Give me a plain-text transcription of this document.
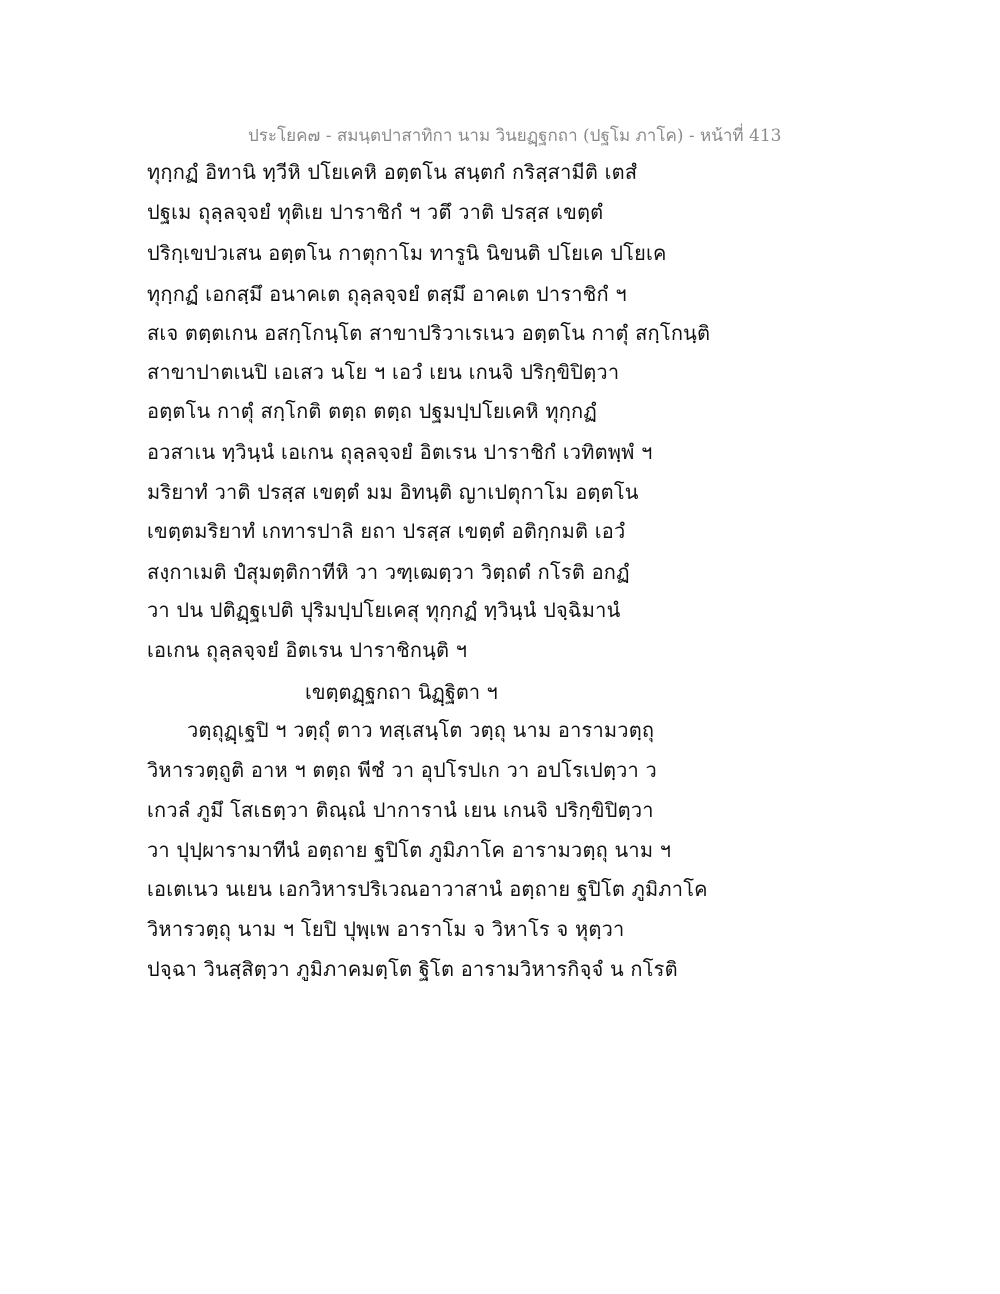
ประโยค๗ - สมนฺตปาสาทิกา นาม วินยฏฺฐกถา (ปฐโม ภาโค) - หน้าที่ 413
ทุกฺกฏํ อิทานิ ทฺวีหิ ปโยเคหิ อตฺตโน สนฺตกํ กริสฺสามีติ เตสํ
ปฐเม ถุลฺลจฺจยํ ทุติเย ปาราชิกํ ฯ วตึ วาติ ปรสฺส เขตฺตํ
ปริกฺเขปวเสน อตฺตโน กาตุกาโม ทารูนิ นิขนติ ปโยเค ปโยเค
ทุกฺกฏํ เอกสฺมึ อนาคเต ถุลฺลจฺจยํ ตสฺมึ อาคเต ปาราชิกํ ฯ
สเจ ตตฺตเกน อสกฺโกนฺโต สาขาปริวาเรเนว อตฺตโน กาตุํ สกฺโกนฺติ
สาขาปาตเนปิ เอเสว นโย ฯ เอวํ เยน เกนจิ ปริกฺขิปิตฺวา
อตฺตโน กาตุํ สกฺโกติ ตตฺถ ตตฺถ ปฐมปฺปโยเคหิ ทุกฺกฏํ
อวสาเน ทฺวินฺนํ เอเกน ถุลฺลจฺจยํ อิตเรน ปาราชิกํ เวทิตพฺพํ ฯ
มริยาทํ วาติ ปรสฺส เขตฺตํ มม อิทนฺติ ญาเปตุกาโม อตฺตโน
เขตฺตมริยาทํ เกทารปาลิ ยถา ปรสฺส เขตฺตํ อติกฺกมติ เอวํ
สงฺกาเมติ ปํสุมตฺติกาทีหิ วา วฑฺเฒตฺวา วิตฺถตํ กโรติ อกฏํ
วา ปน ปติฏฺฐเปติ ปุริมปฺปโยเคสุ ทุกฺกฏํ ทฺวินฺนํ ปจฺฉิมานํ
เอเกน ถุลฺลจฺจยํ อิตเรน ปาราชิกนฺติ ฯ
เขตฺตฏฺฐกถา นิฏฺฐิตา ฯ
วตฺถุฏฺเฐปิ ฯ วตฺถุํ ตาว ทสฺเสนฺโต วตฺถุ นาม อารามวตฺถุ
วิหารวตฺถูติ อาห ฯ ตตฺถ พีชํ วา อุปโรปเก วา อปโรเปตฺวา ว
เกวลํ ภูมึ โสเธตฺวา ติณฺณํ ปาการานํ เยน เกนจิ ปริกฺขิปิตฺวา
วา ปุปฺผารามาทีนํ อตฺถาย ฐปิโต ภูมิภาโค อารามวตฺถุ นาม ฯ
เอเตเนว นเยน เอกวิหารปริเวณอาวาสานํ อตฺถาย ฐปิโต ภูมิภาโค
วิหารวตฺถุ นาม ฯ โยปิ ปุพฺเพ อาราโม จ วิหาโร จ หุตฺวา
ปจฺฉา วินสฺสิตฺวา ภูมิภาคมตฺโต ฐิโต อารามวิหารกิจฺจํ น กโรติ
